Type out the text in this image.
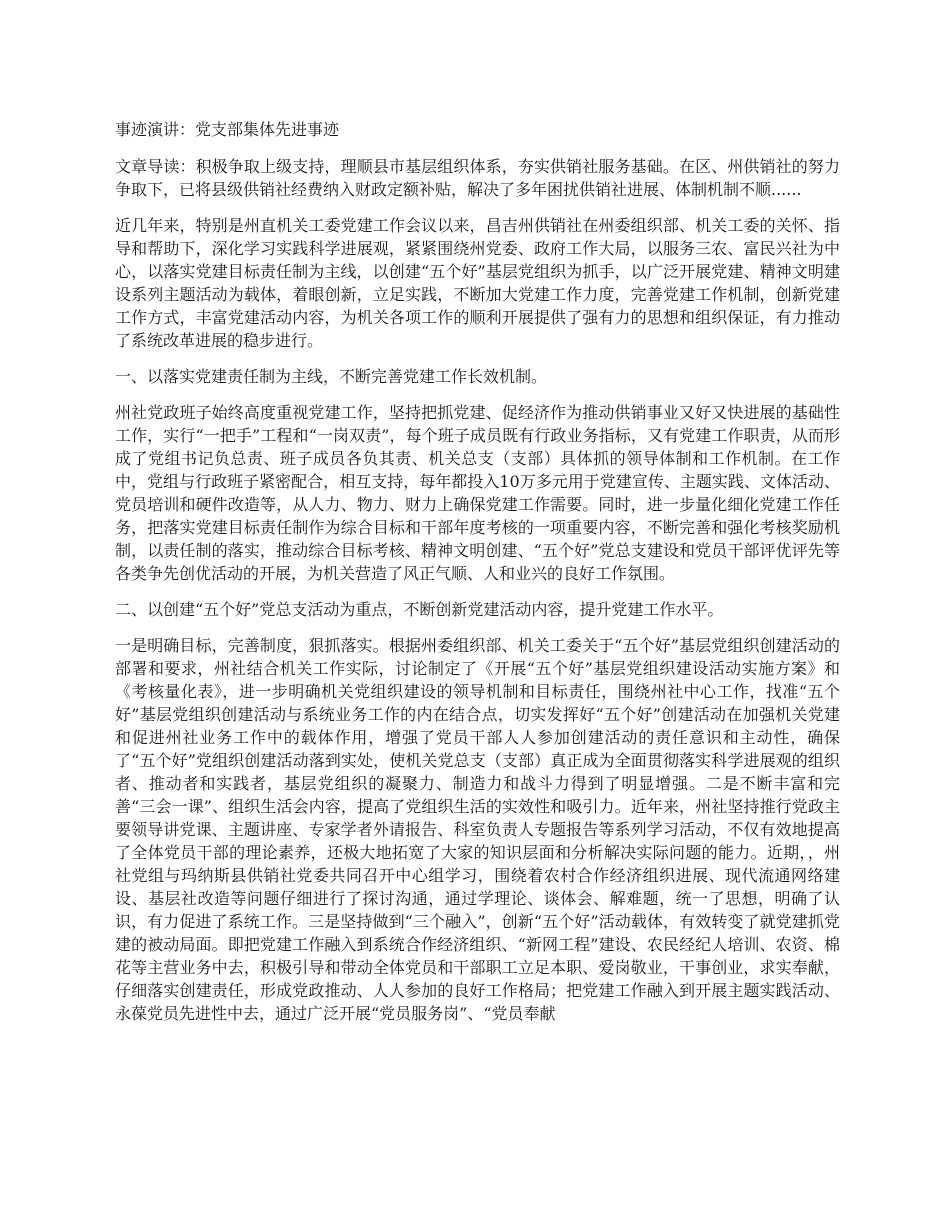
事迹演讲：党支部集体先进事迹

文章导读：积极争取上级支持，理顺县市基层组织体系，夯实供销社服务基础。在区、州供销社的努力争取下，已将县级供销社经费纳入财政定额补贴，解决了多年困扰供销社进展、体制机制不顺......

近几年来，特别是州直机关工委党建工作会议以来，昌吉州供销社在州委组织部、机关工委的关怀、指导和帮助下，深化学习实践科学进展观，紧紧围绕州党委、政府工作大局，以服务三农、富民兴社为中心，以落实党建目标责任制为主线，以创建“五个好”基层党组织为抓手，以广泛开展党建、精神文明建设系列主题活动为载体，着眼创新，立足实践，不断加大党建工作力度，完善党建工作机制，创新党建工作方式，丰富党建活动内容，为机关各项工作的顺利开展提供了强有力的思想和组织保证，有力推动了系统改革进展的稳步进行。

一、以落实党建责任制为主线，不断完善党建工作长效机制。

州社党政班子始终高度重视党建工作，坚持把抓党建、促经济作为推动供销事业又好又快进展的基础性工作，实行“一把手”工程和“一岗双责”，每个班子成员既有行政业务指标，又有党建工作职责，从而形成了党组书记负总责、班子成员各负其责、机关总支（支部）具体抓的领导体制和工作机制。在工作中，党组与行政班子紧密配合，相互支持，每年都投入10万多元用于党建宣传、主题实践、文体活动、党员培训和硬件改造等，从人力、物力、财力上确保党建工作需要。同时，进一步量化细化党建工作任务，把落实党建目标责任制作为综合目标和干部年度考核的一项重要内容，不断完善和强化考核奖励机制，以责任制的落实，推动综合目标考核、精神文明创建、“五个好”党总支建设和党员干部评优评先等各类争先创优活动的开展，为机关营造了风正气顺、人和业兴的良好工作氛围。

二、以创建“五个好”党总支活动为重点，不断创新党建活动内容，提升党建工作水平。

一是明确目标，完善制度，狠抓落实。根据州委组织部、机关工委关于“五个好”基层党组织创建活动的部署和要求，州社结合机关工作实际，讨论制定了《开展“五个好”基层党组织建设活动实施方案》和《考核量化表》，进一步明确机关党组织建设的领导机制和目标责任，围绕州社中心工作，找准“五个好”基层党组织创建活动与系统业务工作的内在结合点，切实发挥好“五个好”创建活动在加强机关党建和促进州社业务工作中的载体作用，增强了党员干部人人参加创建活动的责任意识和主动性，确保了“五个好”党组织创建活动落到实处，使机关党总支（支部）真正成为全面贯彻落实科学进展观的组织者、推动者和实践者，基层党组织的凝聚力、制造力和战斗力得到了明显增强。二是不断丰富和完善“三会一课”、组织生活会内容，提高了党组织生活的实效性和吸引力。近年来，州社坚持推行党政主要领导讲党课、主题讲座、专家学者外请报告、科室负责人专题报告等系列学习活动，不仅有效地提高了全体党员干部的理论素养，还极大地拓宽了大家的知识层面和分析解决实际问题的能力。近期，，州社党组与玛纳斯县供销社党委共同召开中心组学习，围绕着农村合作经济组织进展、现代流通网络建设、基层社改造等问题仔细进行了探讨沟通，通过学理论、谈体会、解难题，统一了思想，明确了认识，有力促进了系统工作。三是坚持做到“三个融入”，创新“五个好”活动载体，有效转变了就党建抓党建的被动局面。即把党建工作融入到系统合作经济组织、“新网工程”建设、农民经纪人培训、农资、棉花等主营业务中去，积极引导和带动全体党员和干部职工立足本职、爱岗敬业，干事创业，求实奉献，仔细落实创建责任，形成党政推动、人人参加的良好工作格局；把党建工作融入到开展主题实践活动、永葆党员先进性中去，通过广泛开展“党员服务岗”、“党员奉献
